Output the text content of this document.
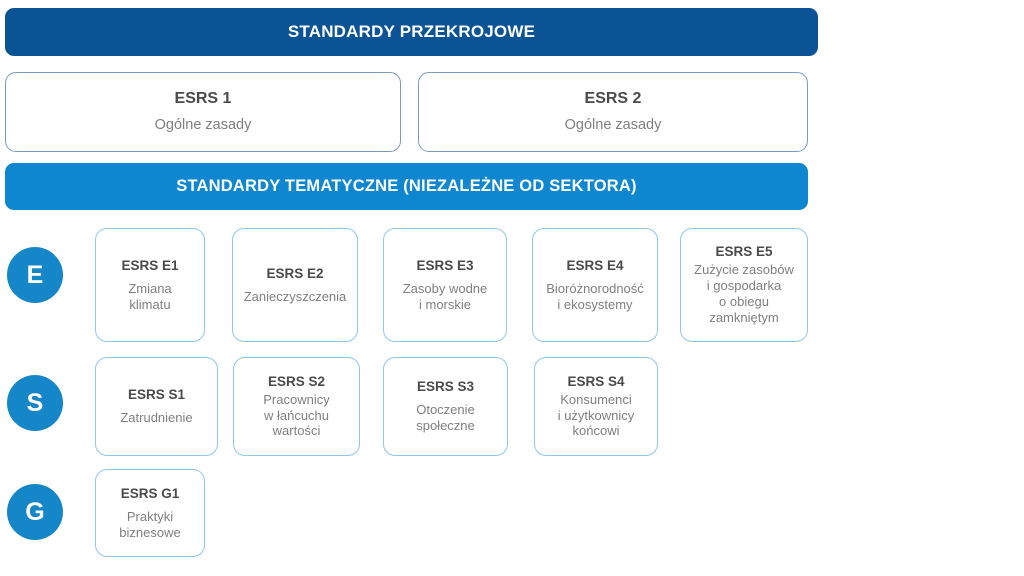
STANDARDY PRZEKROJOWE
ESRS 1
Ogólne zasady
ESRS 2
Ogólne zasady
STANDARDY TEMATYCZNE (NIEZALEŻNE OD SEKTORA)
E
S
G
ESRS E1
Zmiana
klimatu
ESRS E2
Zanieczyszczenia
ESRS E3
Zasoby wodne
i morskie
ESRS E4
Bioróżnorodność
i ekosystemy
ESRS E5
Zużycie zasobów
i gospodarka
o obiegu
zamkniętym
ESRS S1
Zatrudnienie
ESRS S2
Pracownicy
w łańcuchu
wartości
ESRS S3
Otoczenie
społeczne
ESRS S4
Konsumenci
i użytkownicy
końcowi
ESRS G1
Praktyki
biznesowe
